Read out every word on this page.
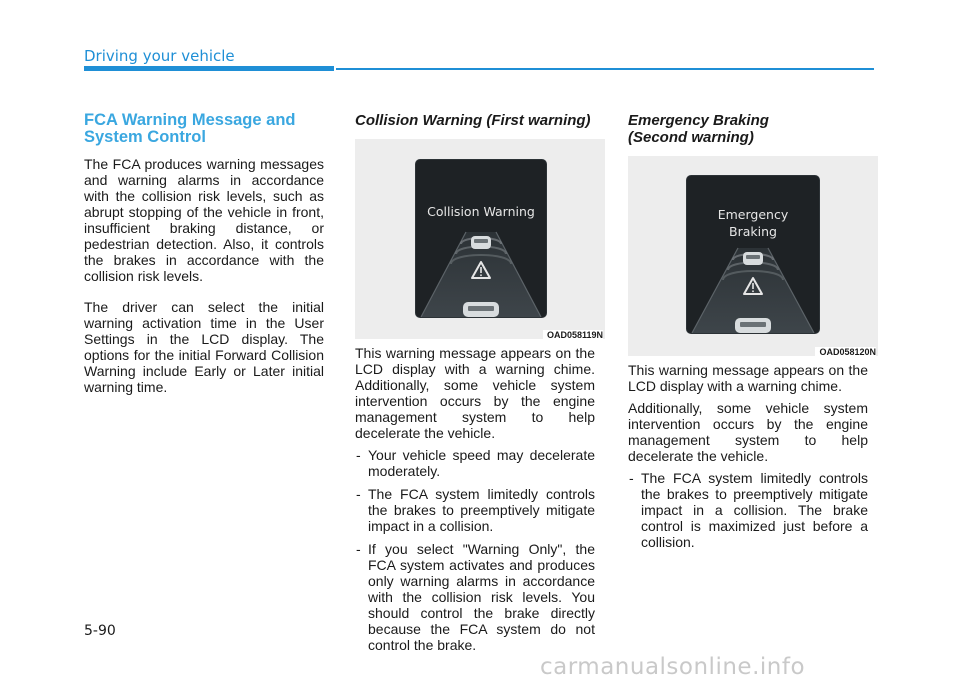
Driving your vehicle
FCA Warning Message and System Control

The FCA produces warning messages and warning alarms in accordance with the collision risk levels, such as abrupt stopping of the vehicle in front, insufficient braking distance, or pedestrian detection. Also, it controls the brakes in accordance with the collision risk levels.

The driver can select the initial warning activation time in the User Settings in the LCD display. The options for the initial Forward Collision Warning include Early or Later initial warning time.

Collision Warning (First warning)
Collision Warning
OAD058119N

This warning message appears on the LCD display with a warning chime. Additionally, some vehicle system intervention occurs by the engine management system to help decelerate the vehicle.

- Your vehicle speed may decelerate moderately.
- The FCA system limitedly controls the brakes to preemptively mitigate impact in a collision.
- If you select "Warning Only", the FCA system activates and produces only warning alarms in accordance with the collision risk levels. You should control the brake directly because the FCA system do not control the brake.
Emergency Braking
(Second warning)
Emergency
Braking
OAD058120N

This warning message appears on the LCD display with a warning chime.

Additionally, some vehicle system intervention occurs by the engine management system to help decelerate the vehicle.

- The FCA system limitedly controls the brakes to preemptively mitigate impact in a collision. The brake control is maximized just before a collision.
5-90
carmanualsonline.info
